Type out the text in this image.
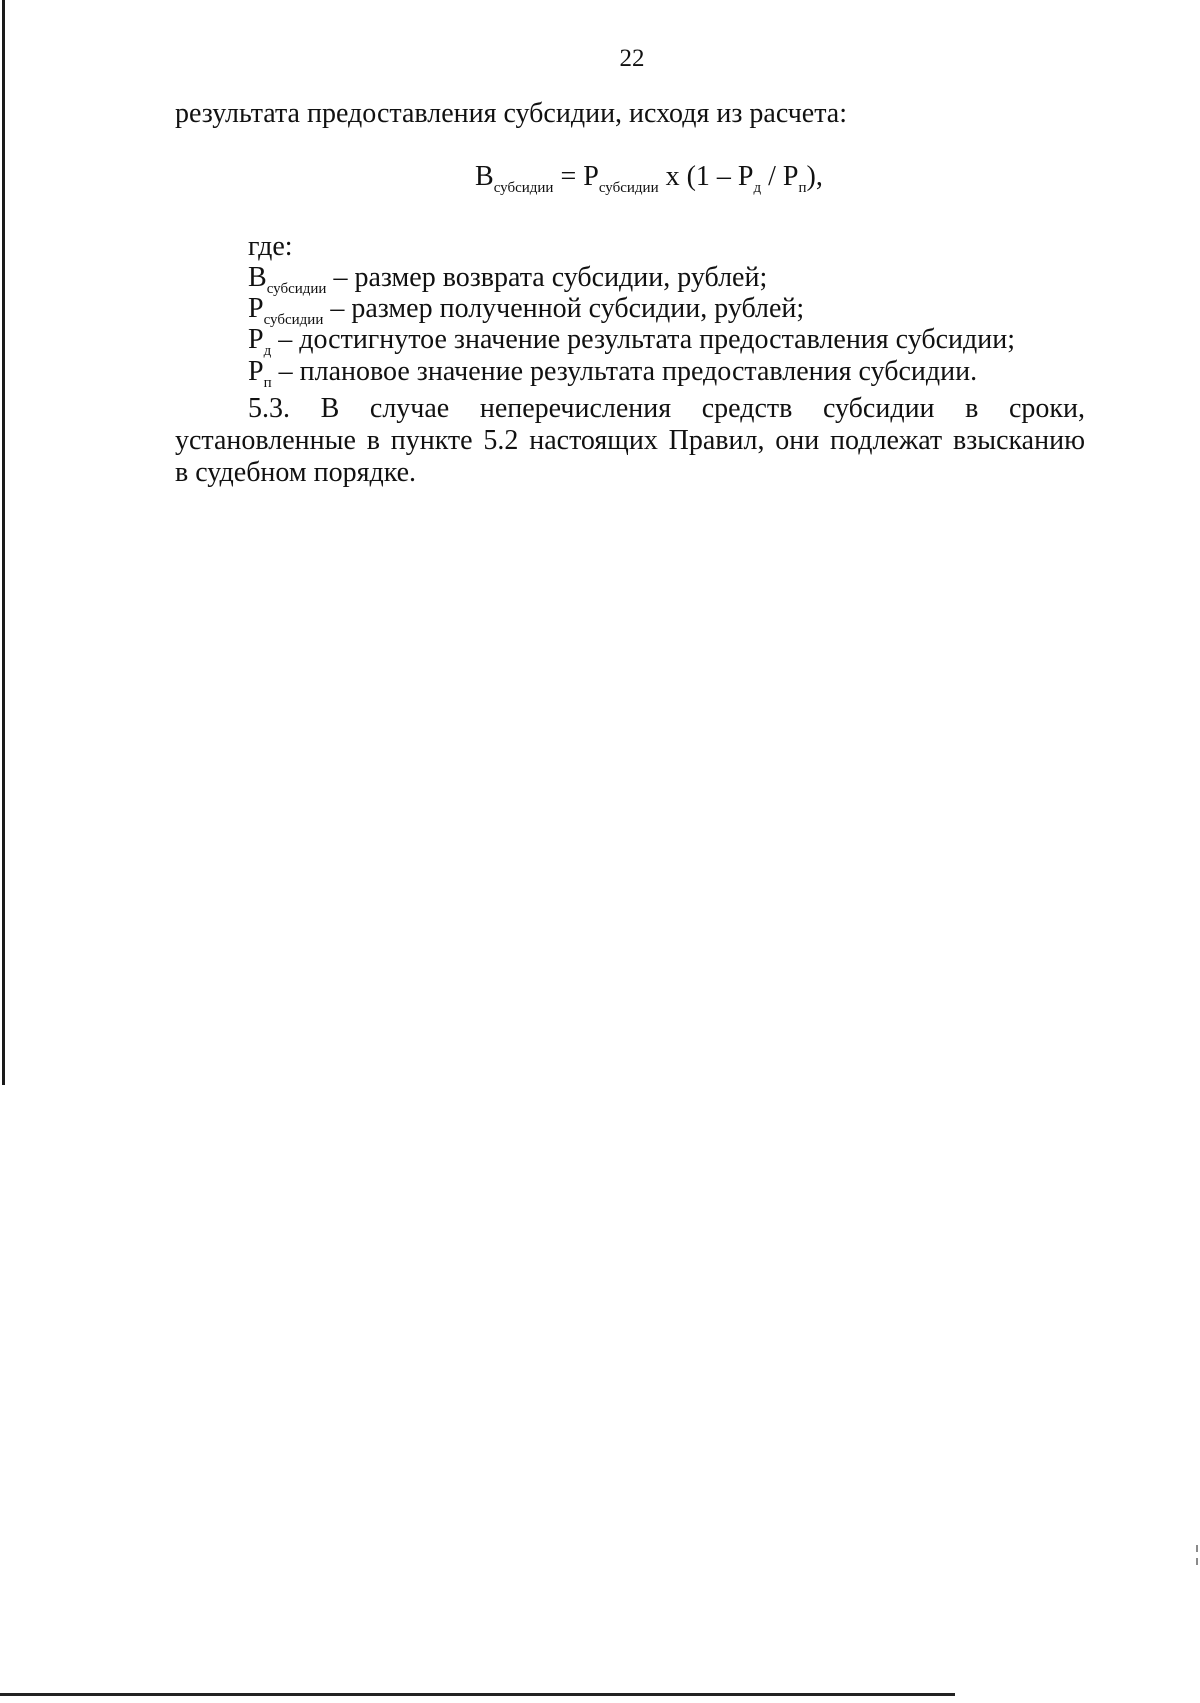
22
результата предоставления субсидии, исходя из расчета:
$В_{субсидии} = Р_{субсидии}$ х $(1 - Р_д / Р_п)$,
где:
$В_{субсидии}$ – размер возврата субсидии, рублей;
$Р_{субсидии}$ – размер полученной субсидии, рублей;
$Р_д$ – достигнутое значение результата предоставления субсидии;
$Р_п$ – плановое значение результата предоставления субсидии.
5.3. В случае неперечисления средств субсидии в сроки,
установленные в пункте 5.2 настоящих Правил, они подлежат взысканию
в судебном порядке.
